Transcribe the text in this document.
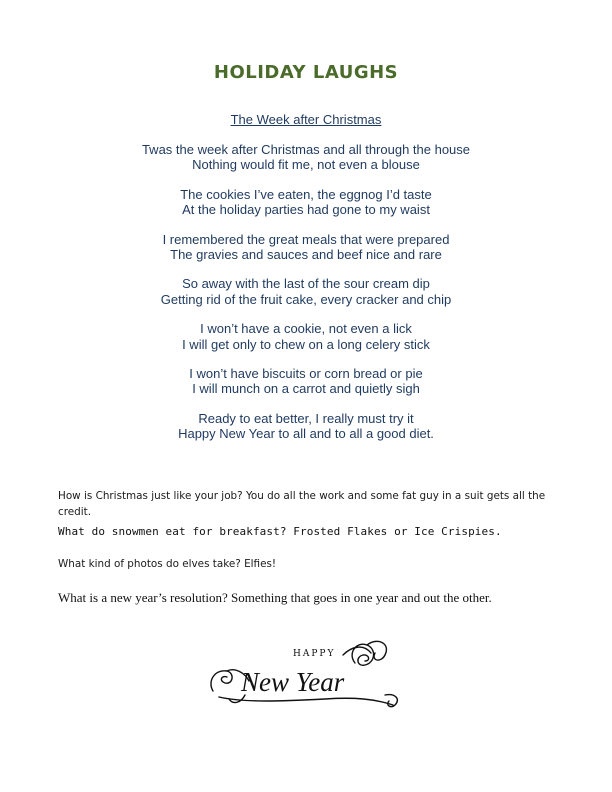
HOLIDAY LAUGHS
The Week after Christmas
Twas the week after Christmas and all through the house
Nothing would fit me, not even a blouse
The cookies I’ve eaten, the eggnog I’d taste
At the holiday parties had gone to my waist
I remembered the great meals that were prepared
The gravies and sauces and beef nice and rare
So away with the last of the sour cream dip
Getting rid of the fruit cake, every cracker and chip
I won’t have a cookie, not even a lick
I will get only to chew on a long celery stick
I won’t have biscuits or corn bread or pie
I will munch on a carrot and quietly sigh
Ready to eat better, I really must try it
Happy New Year to all and to all a good diet.
How is Christmas just like your job? You do all the work and some fat guy in a suit gets all the credit.
What do snowmen eat for breakfast? Frosted Flakes or Ice Crispies.
What kind of photos do elves take? Elfies!
What is a new year’s resolution? Something that goes in one year and out the other.
HAPPY
New Year
